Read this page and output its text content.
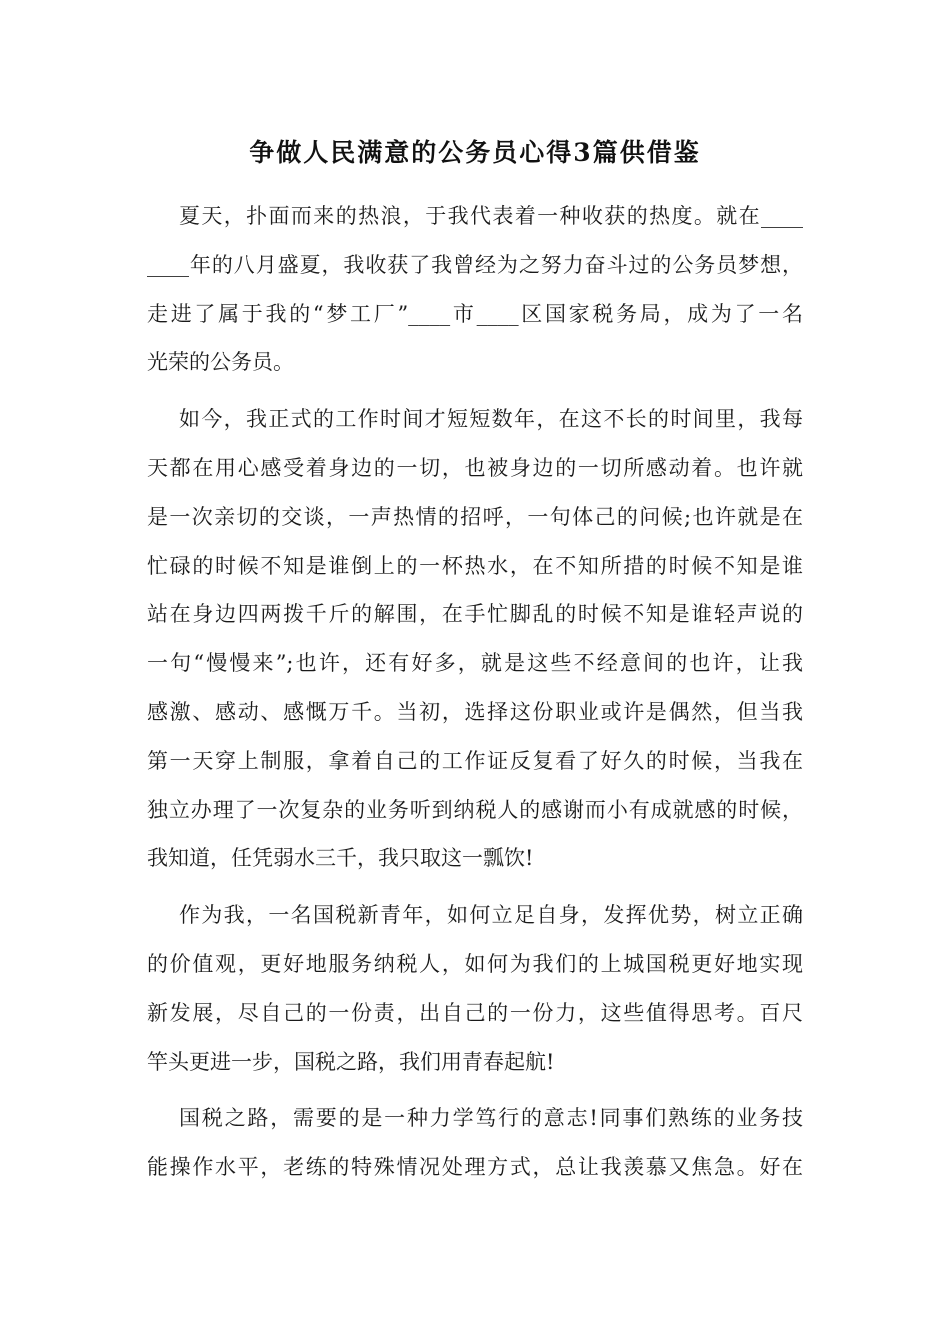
争做人民满意的公务员心得3篇供借鉴
夏天，扑面而来的热浪，于我代表着一种收获的热度。就在____
____年的八月盛夏，我收获了我曾经为之努力奋斗过的公务员梦想，
走进了属于我的“梦工厂”____市____区国家税务局，成为了一名
光荣的公务员。
如今，我正式的工作时间才短短数年，在这不长的时间里，我每
天都在用心感受着身边的一切，也被身边的一切所感动着。也许就
是一次亲切的交谈，一声热情的招呼，一句体己的问候;也许就是在
忙碌的时候不知是谁倒上的一杯热水，在不知所措的时候不知是谁
站在身边四两拨千斤的解围，在手忙脚乱的时候不知是谁轻声说的
一句“慢慢来”;也许，还有好多，就是这些不经意间的也许，让我
感激、感动、感慨万千。当初，选择这份职业或许是偶然，但当我
第一天穿上制服，拿着自己的工作证反复看了好久的时候，当我在
独立办理了一次复杂的业务听到纳税人的感谢而小有成就感的时候，
我知道，任凭弱水三千，我只取这一瓢饮!
作为我，一名国税新青年，如何立足自身，发挥优势，树立正确
的价值观，更好地服务纳税人，如何为我们的上城国税更好地实现
新发展，尽自己的一份责，出自己的一份力，这些值得思考。百尺
竿头更进一步，国税之路，我们用青春起航!
国税之路，需要的是一种力学笃行的意志!同事们熟练的业务技
能操作水平，老练的特殊情况处理方式，总让我羡慕又焦急。好在
